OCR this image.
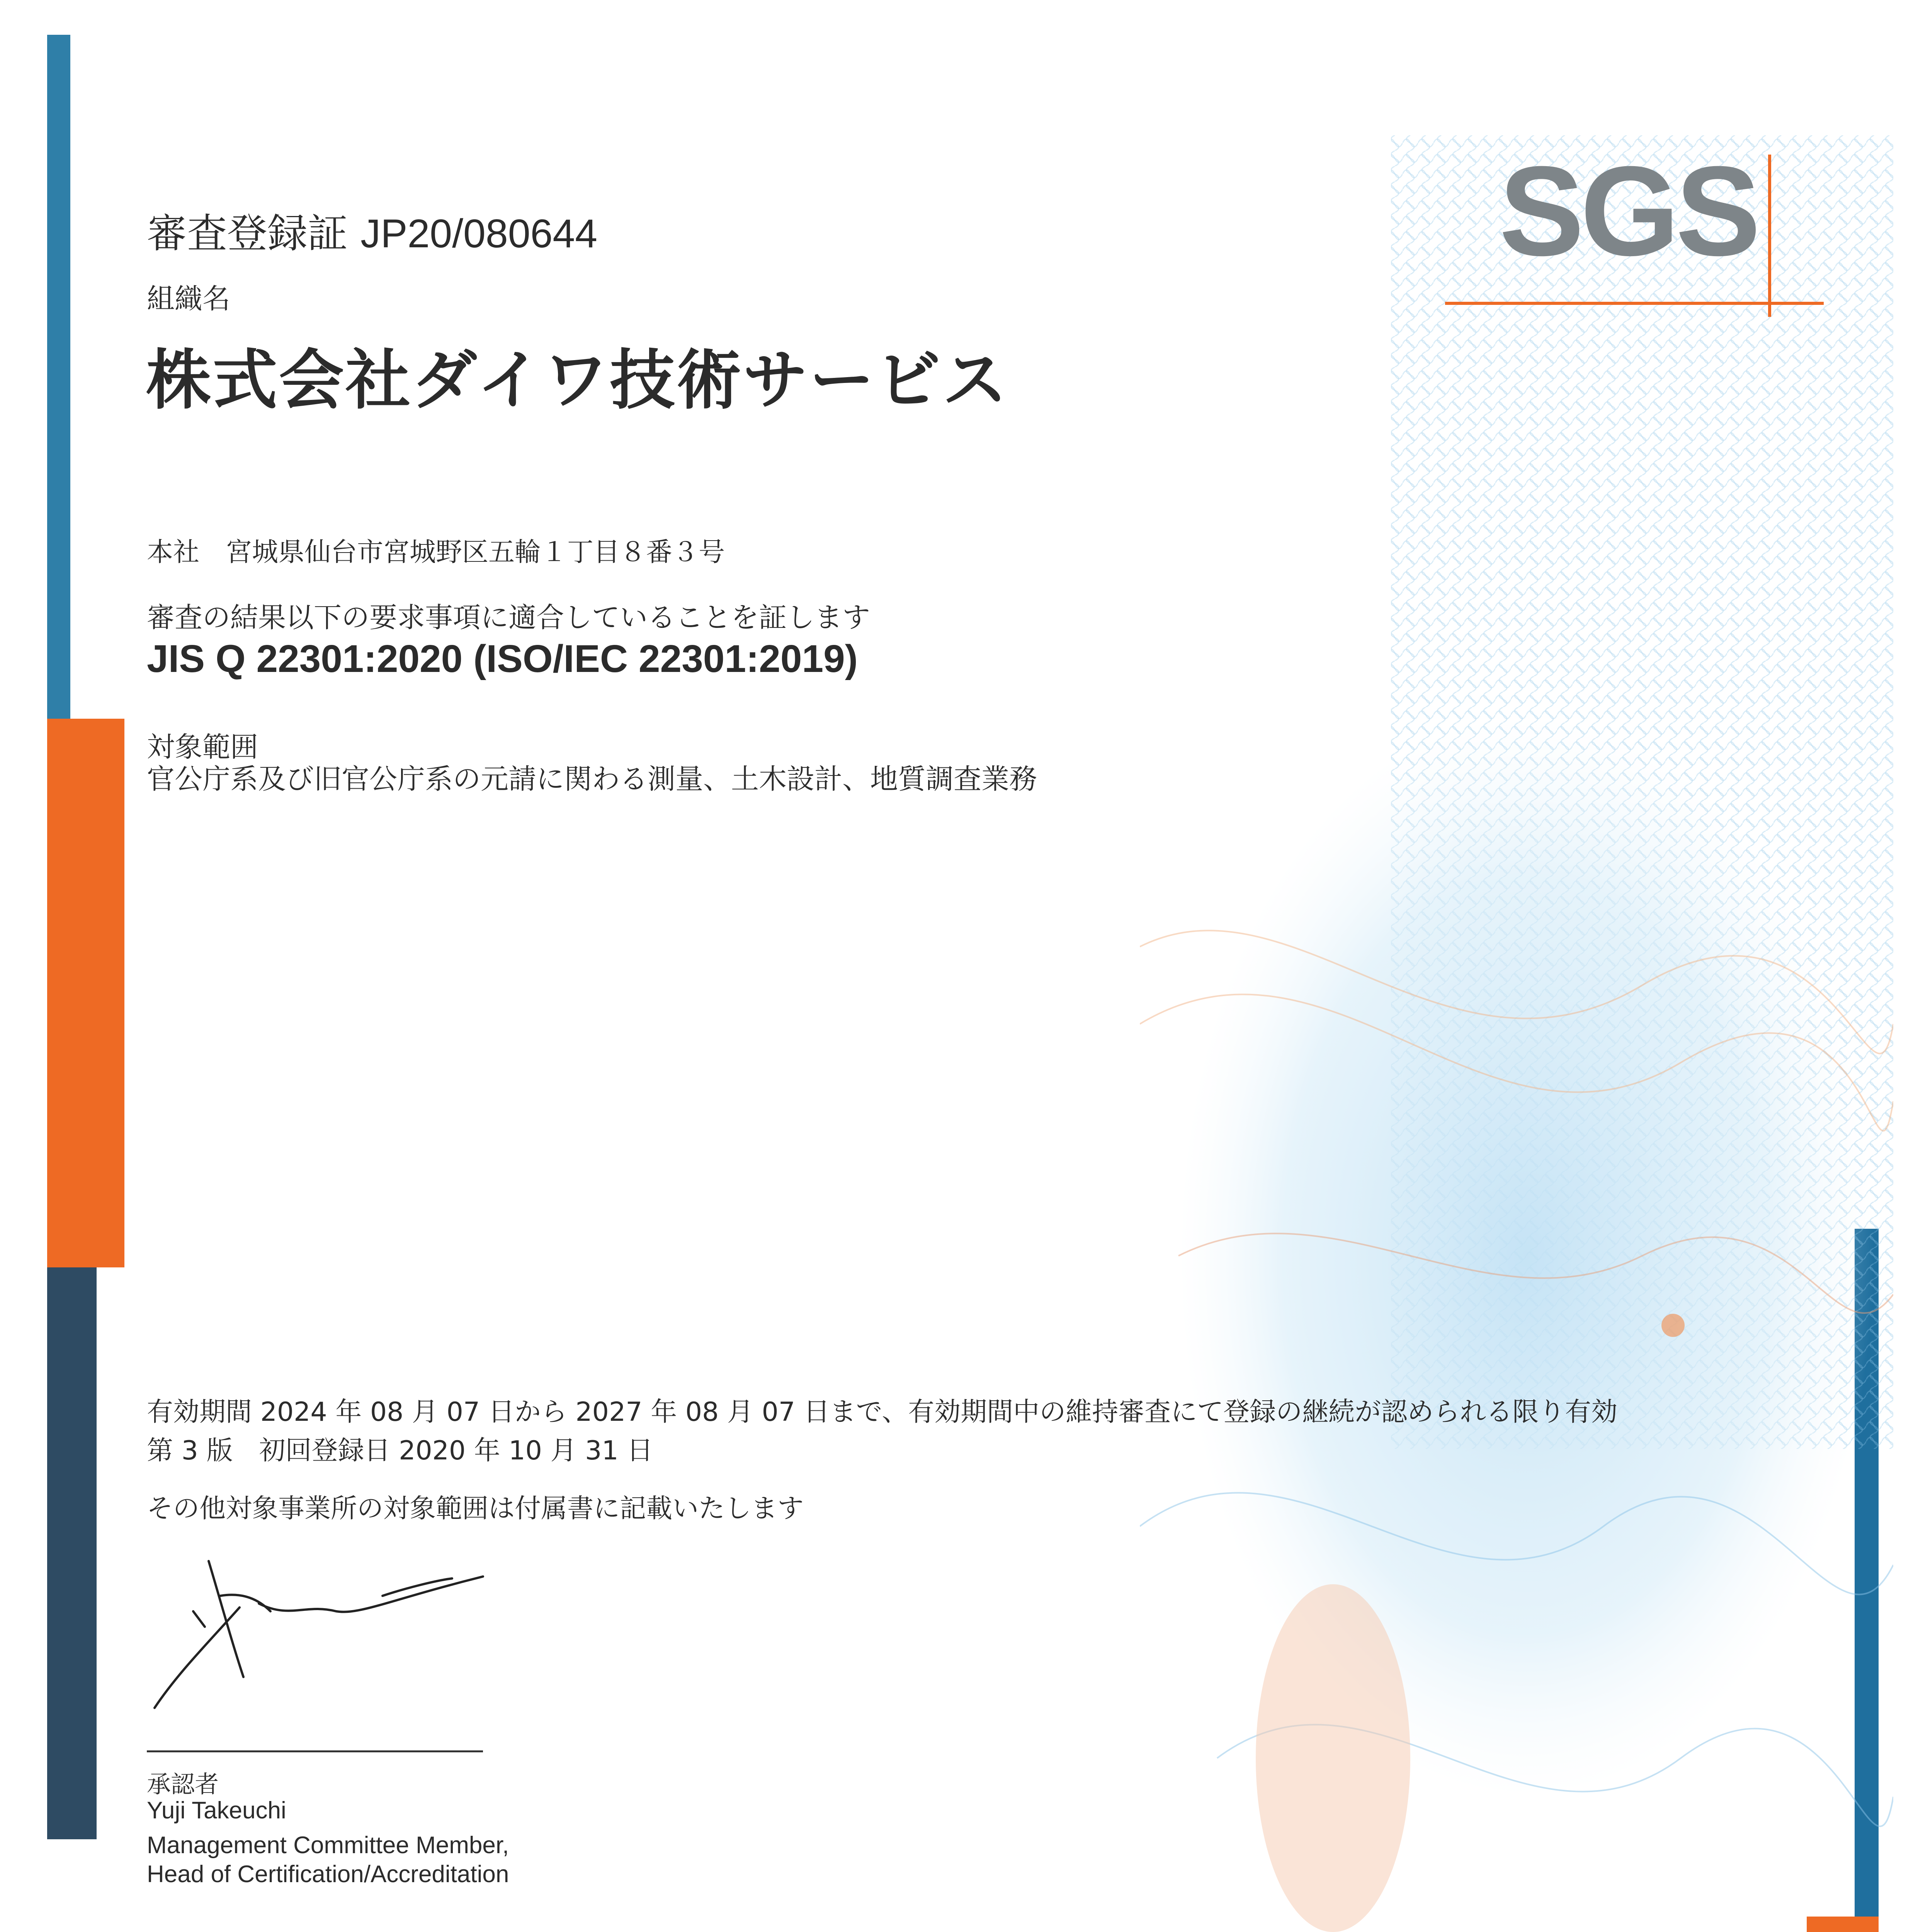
審査登録証 JP20/080644
組織名
株式会社ダイワ技術サービス
SGS
本社　宮城県仙台市宮城野区五輪１丁目８番３号
審査の結果以下の要求事項に適合していることを証します
JIS Q 22301:2020 (ISO/IEC 22301:2019)
対象範囲
官公庁系及び旧官公庁系の元請に関わる測量、土木設計、地質調査業務
有効期間 2024 年 08 月 07 日から 2027 年 08 月 07 日まで、有効期間中の維持審査にて登録の継続が認められる限り有効
第 3 版　初回登録日 2020 年 10 月 31 日
その他対象事業所の対象範囲は付属書に記載いたします
承認者
Yuji Takeuchi
Management Committee Member,
Head of Certification/Accreditation
